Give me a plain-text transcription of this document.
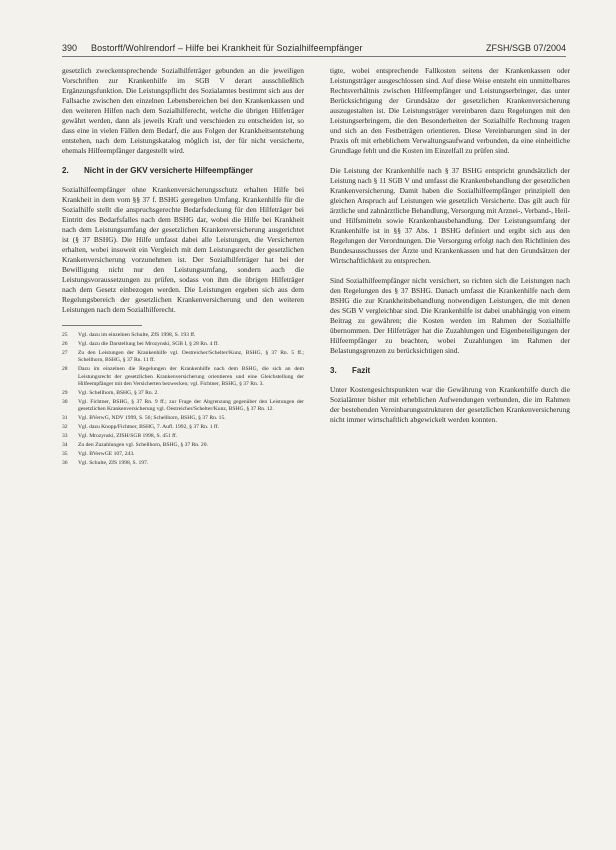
390 Bostorff/Wohlrendorf – Hilfe bei Krankheit für Sozialhilfeempfänger	ZFSH/SGB 07/2004

gesetzlich zweckentsprechende Sozialhilfeträger gebunden an die jeweiligen Vorschriften zur Krankenhilfe im SGB V derart ausschließlich Ergänzungsfunktion. Die Leistungspflicht des Sozialamtes bestimmt sich aus der Fallsache zwischen den einzelnen Lebensbereichen bei den Krankenkassen und den weiteren Hilfen nach dem Sozialhilferecht, welche die übrigen Hilfeträger gewährt werden, dann als jeweils Kraft und verschieden zu entscheiden ist, so dass eine in vielen Fällen dem Bedarf, die aus Folgen der Krankheitsentstehung entstehen, nach dem Leistungskatalog möglich ist, der für nicht versicherte, ehemals Hilfeempfänger dargestellt wird.

2. Nicht in der GKV versicherte Hilfeempfänger

Sozialhilfeempfänger ohne Krankenversicherungsschutz erhalten Hilfe bei Krankheit in dem vom §§ 37 f. BSHG geregelten Umfang. Krankenhilfe für die Sozialhilfe stellt die anspruchsgerechte Bedarfsdeckung für den Hilfeträger bei Eintritt des Bedarfsfalles nach dem BSHG dar, wobei die Hilfe bei Krankheit nach dem Leistungsumfang der gesetzlichen Krankenversicherung ausgerichtet ist (§ 37 BSHG). Die Hilfe umfasst dabei alle Leistungen, die Versicherten erhalten, wobei insoweit ein Vergleich mit dem Leistungsrecht der gesetzlichen Krankenversicherung vorzunehmen ist. Der Sozialhilfeträger hat bei der Bewilligung nicht nur den Leistungsumfang, sondern auch die Leistungsvoraussetzungen zu prüfen, sodass von ihm die übrigen Hilfeträger nach dem Gesetz einbezogen werden. Die Leistungen ergeben sich aus dem Regelungsbereich der gesetzlichen Krankenversicherung und den weiteren Leistungen nach dem Sozialhilferecht.

25	Vgl. dazu im einzelnen Schulte, ZfS 1998, S. 193 ff.
26	Vgl. dazu die Darstellung bei Mrozynski, SGB I, § 28 Rn. 4 ff.
27	Zu den Leistungen der Krankenhilfe vgl. Oestreicher/Schelter/Kunz, BSHG, § 37 Rn. 5 ff.; Schellhorn, BSHG, § 37 Rn. 11 ff.
28	Dazu im einzelnen die Regelungen der Krankenhilfe nach dem BSHG, die sich an dem Leistungsrecht der gesetzlichen Krankenversicherung orientieren und eine Gleichstellung der Hilfeempfänger mit den Versicherten bezwecken; vgl. Fichtner, BSHG, § 37 Rn. 3.
29	Vgl. Schellhorn, BSHG, § 37 Rn. 2.
30	Vgl. Fichtner, BSHG, § 37 Rn. 9 ff.; zur Frage der Abgrenzung gegenüber den Leistungen der gesetzlichen Krankenversicherung vgl. Oestreicher/Schelter/Kunz, BSHG, § 37 Rn. 12.
31	Vgl. BVerwG, NDV 1999, S. 56; Schellhorn, BSHG, § 37 Rn. 15.
32	Vgl. dazu Knopp/Fichtner, BSHG, 7. Aufl. 1992, § 37 Rn. 1 ff.
33	Vgl. Mrozynski, ZfSH/SGB 1998, S. 451 ff.
34	Zu den Zuzahlungen vgl. Schellhorn, BSHG, § 37 Rn. 20.
35	Vgl. BVerwGE 107, 243.
36	Vgl. Schulte, ZfS 1998, S. 197.

tigte, wobei entsprechende Fallkosten seitens der Krankenkassen oder Leistungsträger ausgeschlossen sind. Auf diese Weise entsteht ein unmittelbares Rechtsverhältnis zwischen Hilfeempfänger und Leistungserbringer, das unter Berücksichtigung der Grundsätze der gesetzlichen Krankenversicherung auszugestalten ist. Die Leistungsträger vereinbaren dazu Regelungen mit den Leistungserbringern, die den Besonderheiten der Sozialhilfe Rechnung tragen und sich an den Festbeträgen orientieren. Diese Vereinbarungen sind in der Praxis oft mit erheblichem Verwaltungsaufwand verbunden, da eine einheitliche Grundlage fehlt und die Kosten im Einzelfall zu prüfen sind.

Die Leistung der Krankenhilfe nach § 37 BSHG entspricht grundsätzlich der Leistung nach § 11 SGB V und umfasst die Krankenbehandlung der gesetzlichen Krankenversicherung. Damit haben die Sozialhilfeempfänger prinzipiell den gleichen Anspruch auf Leistungen wie gesetzlich Versicherte. Das gilt auch für ärztliche und zahnärztliche Behandlung, Versorgung mit Arznei-, Verband-, Heil- und Hilfsmitteln sowie Krankenhausbehandlung. Der Leistungsumfang der Krankenhilfe ist in §§ 37 Abs. 1 BSHG definiert und ergibt sich aus den Regelungen der Verordnungen. Die Versorgung erfolgt nach den Richtlinien des Bundesausschusses der Ärzte und Krankenkassen und hat den Grundsätzen der Wirtschaftlichkeit zu entsprechen.

Sind Sozialhilfeempfänger nicht versichert, so richten sich die Leistungen nach den Regelungen des § 37 BSHG. Danach umfasst die Krankenhilfe nach dem BSHG die zur Krankheitsbehandlung notwendigen Leistungen, die mit denen des SGB V vergleichbar sind. Die Krankenhilfe ist dabei unabhängig von einem Beitrag zu gewähren; die Kosten werden im Rahmen der Sozialhilfe übernommen. Der Hilfeträger hat die Zuzahlungen und Eigenbeteiligungen der Hilfeempfänger zu beachten, wobei Zuzahlungen im Rahmen der Belastungsgrenzen zu berücksichtigen sind.

3. Fazit

Unter Kostengesichtspunkten war die Gewährung von Krankenhilfe durch die Sozialämter bisher mit erheblichen Aufwendungen verbunden, die im Rahmen der bestehenden Vereinbarungsstrukturen der gesetzlichen Krankenversicherung nicht immer wirtschaftlich abgewickelt werden konnten.
